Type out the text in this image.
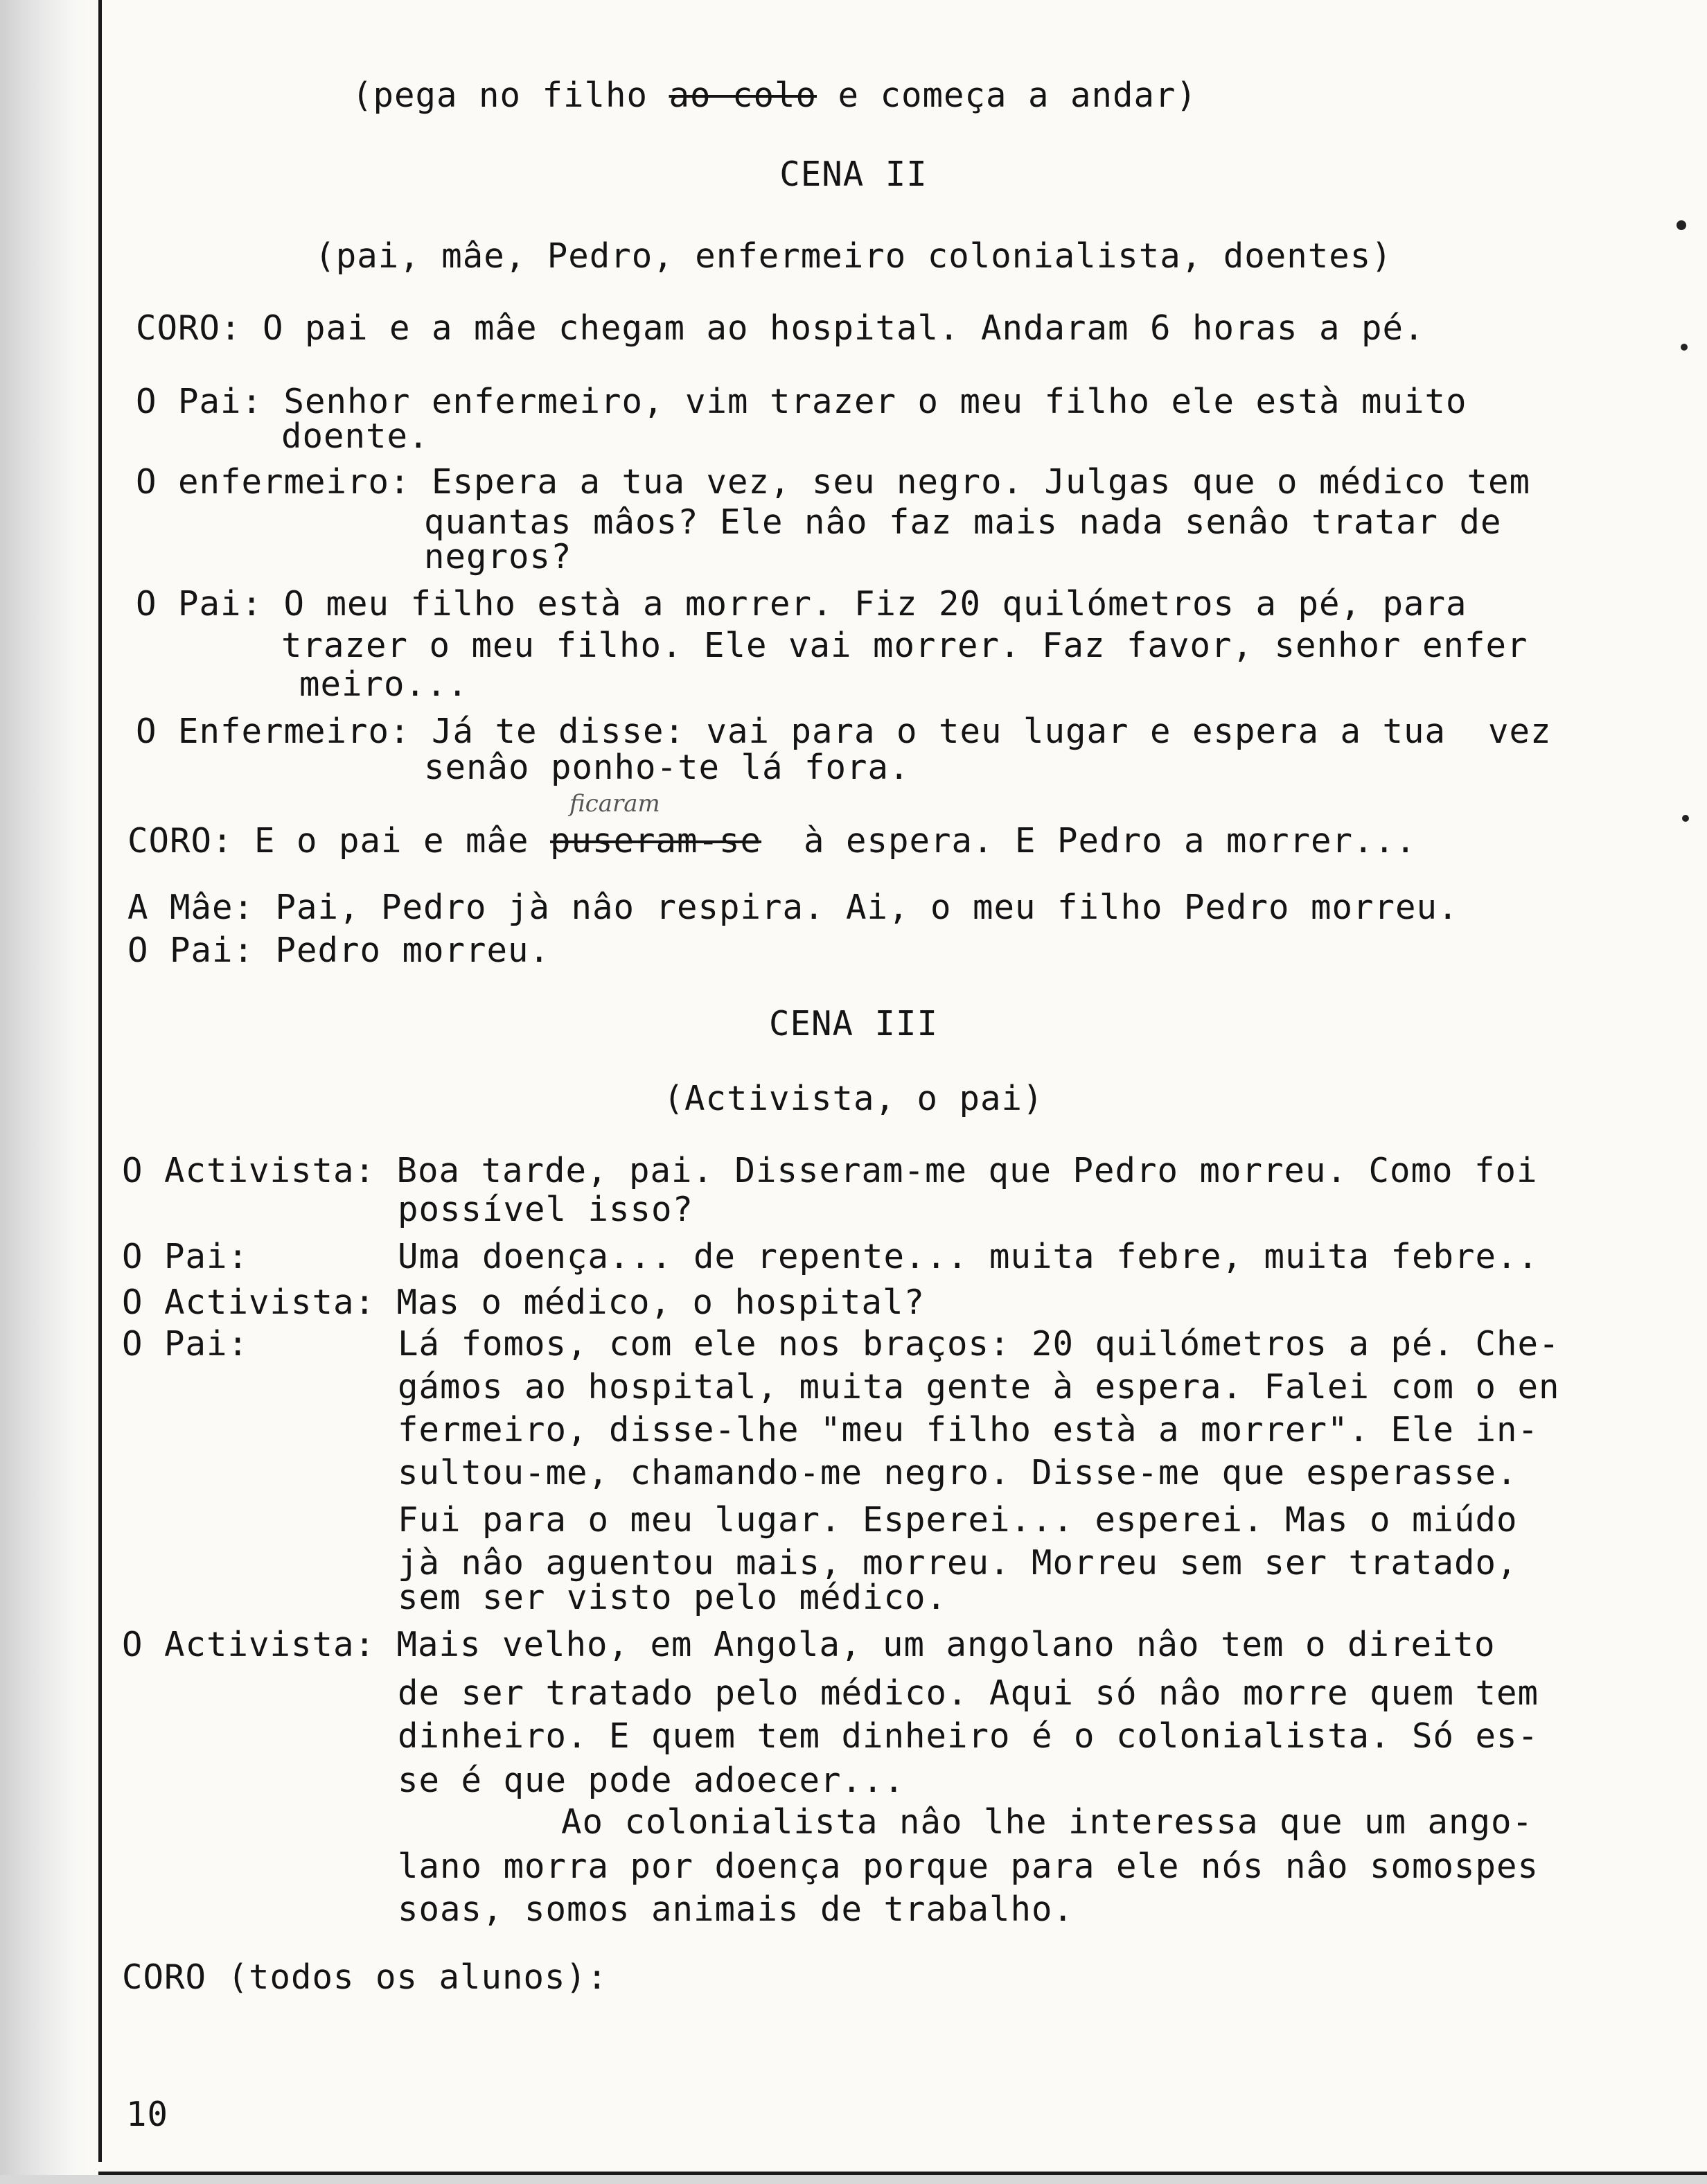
(pega no filho ao colo e começa a andar)
CENA II
(pai, mâe, Pedro, enfermeiro colonialista, doentes)
CORO: O pai e a mâe chegam ao hospital. Andaram 6 horas a pé.
O Pai: Senhor enfermeiro, vim trazer o meu filho ele està muito
doente.
O enfermeiro: Espera a tua vez, seu negro. Julgas que o médico tem
quantas mâos? Ele nâo faz mais nada senâo tratar de
negros?
O Pai: O meu filho està a morrer. Fiz 20 quilómetros a pé, para
trazer o meu filho. Ele vai morrer. Faz favor, senhor enfer
meiro...
O Enfermeiro: Já te disse: vai para o teu lugar e espera a tua  vez
senâo ponho-te lá fora.
ficaram
CORO: E o pai e mâe puseram-se  à espera. E Pedro a morrer...
A Mâe: Pai, Pedro jà nâo respira. Ai, o meu filho Pedro morreu.
O Pai: Pedro morreu.
CENA III
(Activista, o pai)
O Activista: Boa tarde, pai. Disseram-me que Pedro morreu. Como foi
possível isso?
O Pai:	Uma doença... de repente... muita febre, muita febre..
O Activista: Mas o médico, o hospital?
O Pai:	Lá fomos, com ele nos braços: 20 quilómetros a pé. Che-
gámos ao hospital, muita gente à espera. Falei com o en
fermeiro, disse-lhe "meu filho està a morrer". Ele in-
sultou-me, chamando-me negro. Disse-me que esperasse.
Fui para o meu lugar. Esperei... esperei. Mas o miúdo
jà nâo aguentou mais, morreu. Morreu sem ser tratado,
sem ser visto pelo médico.
O Activista: Mais velho, em Angola, um angolano nâo tem o direito
de ser tratado pelo médico. Aqui só nâo morre quem tem
dinheiro. E quem tem dinheiro é o colonialista. Só es-
se é que pode adoecer...
Ao colonialista nâo lhe interessa que um ango-
lano morra por doença porque para ele nós nâo somospes
soas, somos animais de trabalho.
CORO (todos os alunos):
10
